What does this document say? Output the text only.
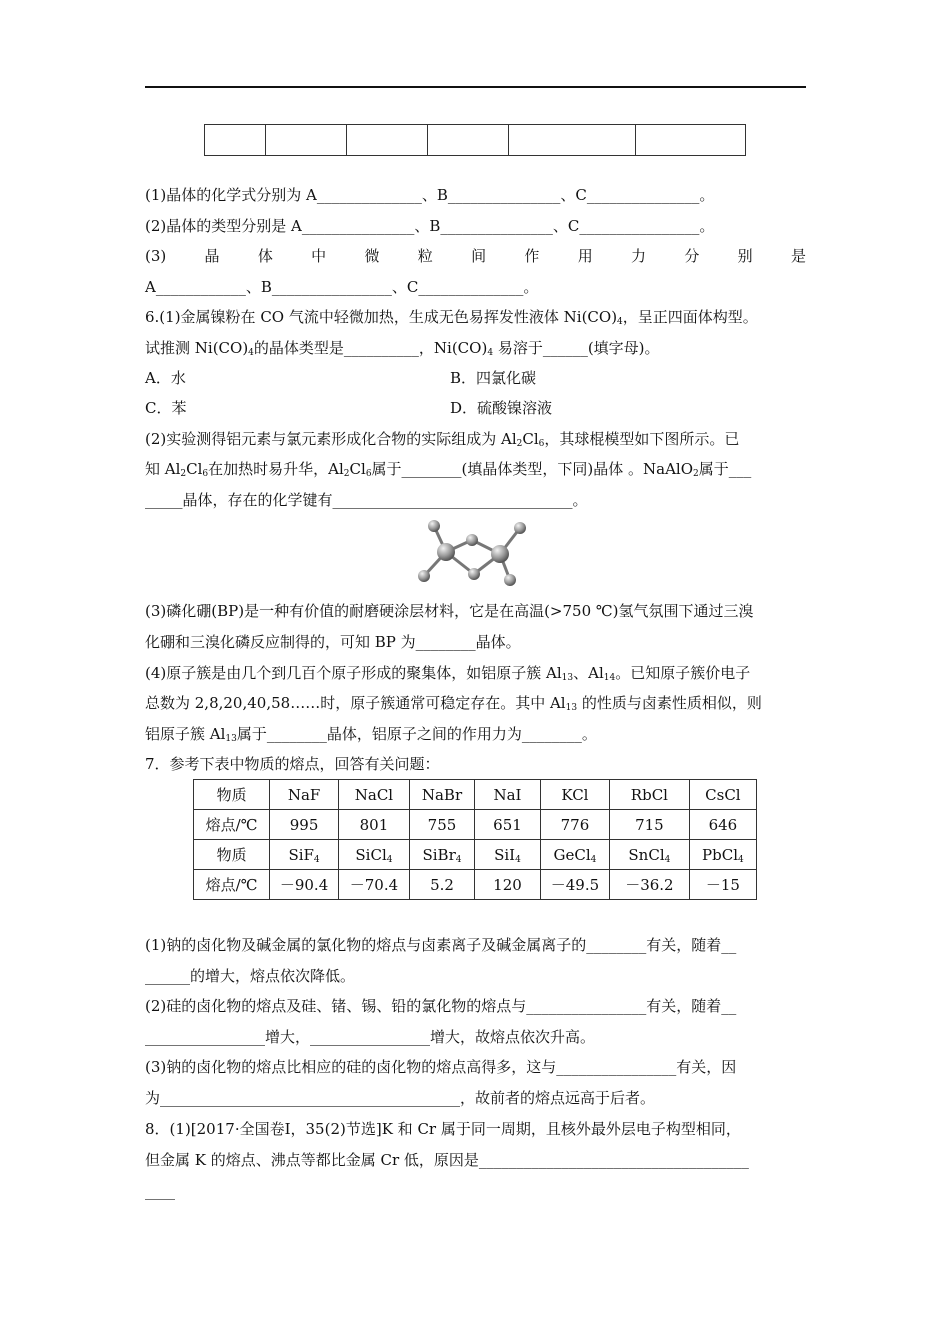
(1)晶体的化学式分别为 A______________、B_______________、C_______________。
(2)晶体的类型分别是 A_______________、B_______________、C________________。
(3)	晶	体	中	微	粒	间	作	用	力	分	别	是
A____________、B________________、C______________。
6.(1)金属镍粉在 CO 气流中轻微加热，生成无色易挥发性液体 $Ni(CO)_4$，呈正四面体构型。
试推测 $Ni(CO)_4$的晶体类型是__________，$Ni(CO)_4$ 易溶于______(填字母)。
(2)实验测得铝元素与氯元素形成化合物的实际组成为 $Al_2Cl_6$，其球棍模型如下图所示。已
知 $Al_2Cl_6$在加热时易升华，$Al_2Cl_6$属于________(填晶体类型，下同)晶体 。NaAlO$_2$属于___
_____晶体，存在的化学键有________________________________。
(3)磷化硼(BP)是一种有价值的耐磨硬涂层材料，它是在高温(>750 ℃)氢气氛围下通过三溴
化硼和三溴化磷反应制得的，可知 BP 为________晶体。
(4)原子簇是由几个到几百个原子形成的聚集体，如铝原子簇 $Al_{13}$、$Al_{14}$。已知原子簇价电子
总数为 2,8,20,40,58……时，原子簇通常可稳定存在。其中 $Al_{13}$ 的性质与卤素性质相似，则
铝原子簇 $Al_{13}$属于________晶体，铝原子之间的作用力为________。
7．参考下表中物质的熔点，回答有关问题：
(1)钠的卤化物及碱金属的氯化物的熔点与卤素离子及碱金属离子的________有关，随着__
______的增大，熔点依次降低。
(2)硅的卤化物的熔点及硅、锗、锡、铅的氯化物的熔点与________________有关，随着__
________________增大，________________增大，故熔点依次升高。
(3)钠的卤化物的熔点比相应的硅的卤化物的熔点高得多，这与________________有关，因
为________________________________________，故前者的熔点远高于后者。
8．(1)[2017·全国卷Ⅰ，35(2)节选]K 和 Cr 属于同一周期，且核外最外层电子构型相同，
但金属 K 的熔点、沸点等都比金属 Cr 低，原因是____________________________________
____
A．水	B．四氯化碳
C．苯	D．硫酸镍溶液
物质	NaF	NaCl	NaBr	NaI	KCl	RbCl	CsCl
熔点/℃	995	801	755	651	776	715	646
物质	SiF$_4$	SiCl$_4$	SiBr$_4$	SiI$_4$	GeCl$_4$	SnCl$_4$	PbCl$_4$
熔点/℃	－90.4	－70.4	5.2	120	－49.5	－36.2	－15
